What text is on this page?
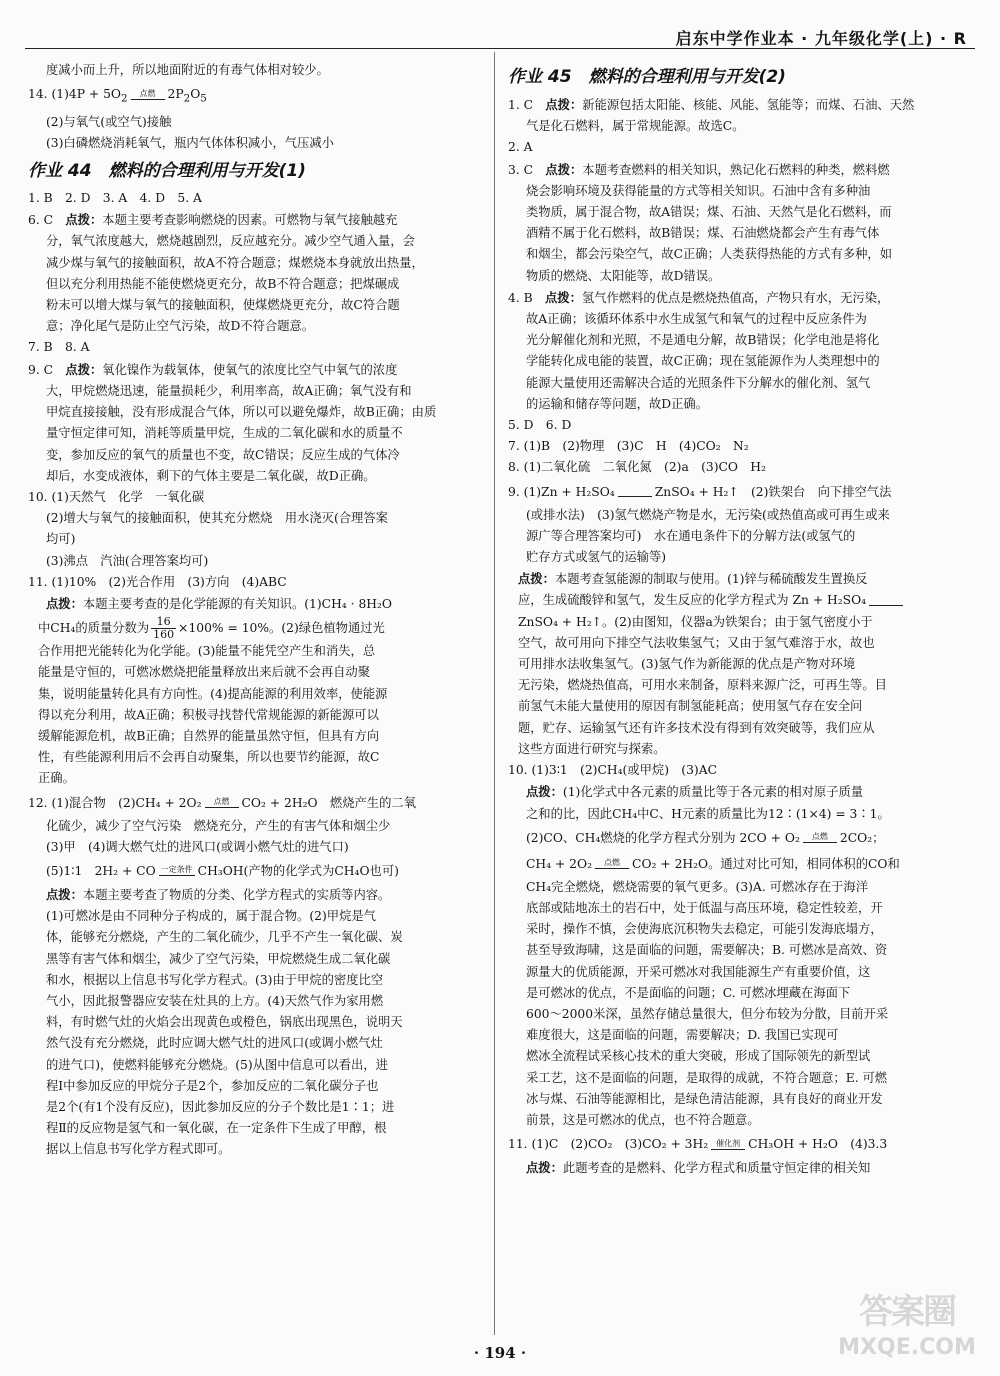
启东中学作业本 · 九年级化学(上) · R
度减小而上升，所以地面附近的有毒气体相对较少。
14. $(1)4P + 5O_2$ 点燃 $2P_2O_5$
(2)与氧气(或空气)接触
(3)白磷燃烧消耗氧气，瓶内气体体积减小，气压减小
作业 44　燃料的合理利用与开发(1)
1. B　2. D　3. A　4. D　5. A
6. C　点拨：本题主要考查影响燃烧的因素。可燃物与氧气接触越充
分，氧气浓度越大，燃烧越剧烈，反应越充分。减少空气通入量，会
减少煤与氧气的接触面积，故A不符合题意；煤燃烧本身就放出热量，
但以充分利用热能不能使燃烧更充分，故B不符合题意；把煤碾成
粉末可以增大煤与氧气的接触面积，使煤燃烧更充分，故C符合题
意；净化尾气是防止空气污染，故D不符合题意。
7. B　8. A
9. C　点拨：氧化镍作为载氧体，使氧气的浓度比空气中氧气的浓度
大，甲烷燃烧迅速，能量损耗少，利用率高，故A正确；氧气没有和
甲烷直接接触，没有形成混合气体，所以可以避免爆炸，故B正确；由质
量守恒定律可知，消耗等质量甲烷，生成的二氧化碳和水的质量不
变，参加反应的氧气的质量也不变，故C错误；反应生成的气体冷
却后，水变成液体，剩下的气体主要是二氧化碳，故D正确。
10. (1)天然气　化学　一氧化碳
(2)增大与氧气的接触面积，使其充分燃烧　用水浇灭(合理答案
均可)
(3)沸点　汽油(合理答案均可)
11. (1)10%　(2)光合作用　(3)方向　(4)ABC
点拨：本题主要考查的是化学能源的有关知识。(1)CH₄ · 8H₂O
中CH₄的质量分数为 $\frac{16}{160} \times 100\% = 10\%$。(2)绿色植物通过光
合作用把光能转化为化学能。(3)能量不能凭空产生和消失，总
能量是守恒的，可燃冰燃烧把能量释放出来后就不会再自动聚
集，说明能量转化具有方向性。(4)提高能源的利用效率，使能源
得以充分利用，故A正确；积极寻找替代常规能源的新能源可以
缓解能源危机，故B正确；自然界的能量虽然守恒，但具有方向
性，有些能源利用后不会再自动聚集，所以也要节约能源，故C
正确。
12. (1)混合物　(2)CH₄ + 2O₂ 点燃 CO₂ + 2H₂O　燃烧产生的二氧
化硫少，减少了空气污染　燃烧充分，产生的有害气体和烟尘少
(3)甲　(4)调大燃气灶的进风口(或调小燃气灶的进气口)
(5)1∶1　2H₂ + CO 一定条件 CH₃OH(产物的化学式为CH₄O也可)
点拨：本题主要考查了物质的分类、化学方程式的实质等内容。
(1)可燃冰是由不同种分子构成的，属于混合物。(2)甲烷是气
体，能够充分燃烧，产生的二氧化硫少，几乎不产生一氧化碳、炭
黑等有害气体和烟尘，减少了空气污染，甲烷燃烧生成二氧化碳
和水，根据以上信息书写化学方程式。(3)由于甲烷的密度比空
气小，因此报警器应安装在灶具的上方。(4)天然气作为家用燃
料，有时燃气灶的火焰会出现黄色或橙色，锅底出现黑色，说明天
然气没有充分燃烧，此时应调大燃气灶的进风口(或调小燃气灶
的进气口)，使燃料能够充分燃烧。(5)从图中信息可以看出，进
程Ⅰ中参加反应的甲烷分子是2个，参加反应的二氧化碳分子也
是2个(有1个没有反应)，因此参加反应的分子个数比是1∶1；进
程Ⅱ的反应物是氢气和一氧化碳，在一定条件下生成了甲醇，根
据以上信息书写化学方程式即可。
作业 45　燃料的合理利用与开发(2)
1. C　点拨：新能源包括太阳能、核能、风能、氢能等；而煤、石油、天然
气是化石燃料，属于常规能源。故选C。
2. A
3. C　点拨：本题考查燃料的相关知识，熟记化石燃料的种类，燃料燃
烧会影响环境及获得能量的方式等相关知识。石油中含有多种油
类物质，属于混合物，故A错误；煤、石油、天然气是化石燃料，而
酒精不属于化石燃料，故B错误；煤、石油燃烧都会产生有毒气体
和烟尘，都会污染空气，故C正确；人类获得热能的方式有多种，如
物质的燃烧、太阳能等，故D错误。
4. B　点拨：氢气作燃料的优点是燃烧热值高，产物只有水，无污染，
故A正确；该循环体系中水生成氢气和氧气的过程中反应条件为
光分解催化剂和光照，不是通电分解，故B错误；化学电池是将化
学能转化成电能的装置，故C正确；现在氢能源作为人类理想中的
能源大量使用还需解决合适的光照条件下分解水的催化剂、氢气
的运输和储存等问题，故D正确。
5. D　6. D
7. (1)B　(2)物理　(3)C　H　(4)CO₂　N₂
8. (1)二氧化硫　二氧化氮　(2)a　(3)CO　H₂
9. (1)Zn + H₂SO₄	ZnSO₄ + H₂↑　(2)铁架台　向下排空气法
(或排水法)　(3)氢气燃烧产物是水，无污染(或热值高或可再生或来
源广等合理答案均可)　水在通电条件下的分解方法(或氢气的
贮存方式或氢气的运输等)
点拨：本题考查氢能源的制取与使用。(1)锌与稀硫酸发生置换反
应，生成硫酸锌和氢气，发生反应的化学方程式为 Zn + H₂SO₄
ZnSO₄ + H₂↑。(2)由图知，仪器a为铁架台；由于氢气密度小于
空气，故可用向下排空气法收集氢气；又由于氢气难溶于水，故也
可用排水法收集氢气。(3)氢气作为新能源的优点是产物对环境
无污染，燃烧热值高，可用水来制备，原料来源广泛，可再生等。目
前氢气未能大量使用的原因有制氢能耗高；使用氢气存在安全问
题，贮存、运输氢气还有许多技术没有得到有效突破等，我们应从
这些方面进行研究与探索。
10. (1)3∶1　(2)CH₄(或甲烷)　(3)AC
点拨：(1)化学式中各元素的质量比等于各元素的相对原子质量
之和的比，因此CH₄中C、H元素的质量比为12∶(1×4) = 3∶1。
(2)CO、CH₄燃烧的化学方程式分别为 2CO + O₂ 点燃 2CO₂；
CH₄ + 2O₂ 点燃 CO₂ + 2H₂O。通过对比可知，相同体积的CO和
CH₄完全燃烧，燃烧需要的氧气更多。(3)A. 可燃冰存在于海洋
底部或陆地冻土的岩石中，处于低温与高压环境，稳定性较差，开
采时，操作不慎，会使海底沉积物失去稳定，可能引发海底塌方，
甚至导致海啸，这是面临的问题，需要解决；B. 可燃冰是高效、资
源量大的优质能源，开采可燃冰对我国能源生产有重要价值，这
是可燃冰的优点，不是面临的问题；C. 可燃冰埋藏在海面下
600～2000米深，虽然存储总量很大，但分布较为分散，目前开采
难度很大，这是面临的问题，需要解决；D. 我国已实现可
燃冰全流程试采核心技术的重大突破，形成了国际领先的新型试
采工艺，这不是面临的问题，是取得的成就，不符合题意；E. 可燃
冰与煤、石油等能源相比，是绿色清洁能源，具有良好的商业开发
前景，这是可燃冰的优点，也不符合题意。
11. (1)C　(2)CO₂　(3)CO₂ + 3H₂ 催化剂 CH₃OH + H₂O　(4)3.3
点拨：此题考查的是燃料、化学方程式和质量守恒定律的相关知
· 194 ·
答案圈
MXQE.COM
